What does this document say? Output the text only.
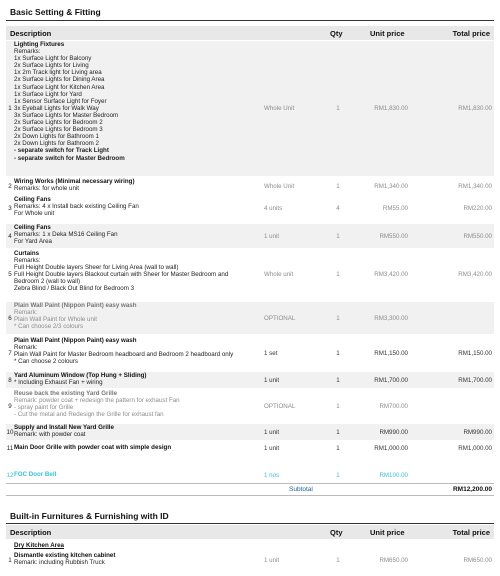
Basic Setting & Fitting
Description	Qty	Unit price	Total price
1
Lighting Fixtures
Remarks:
1x Surface Light for Balcony
2x Surface Lights for Living
1x 2m Track light for Living area
2x Surface Lights for Dining Area
1x Surface Light for Kitchen Area
1x Surface Light for Yard
1x Sensor Surface Light for Foyer
3x Eyeball Lights for Walk Way
3x Surface Lights for Master Bedroom
2x Surface Lights for Bedroom 2
2x Surface Lights for Bedroom 3
2x Down Lights for Bathroom 1
2x Down Lights for Bathroom 2
- separate switch for Track Light
- separate switch for Master Bedroom
Whole Unit	1	RM1,830.00	RM1,830.00
2
Wiring Works (Minimal necessary wiring)
Remarks: for whole unit	Whole Unit	1	RM1,340.00	RM1,340.00
3
Ceiling Fans
Remarks: 4 x Install back existing Ceiling Fan
For Whole unit
4 units	4	RM55.00	RM220.00
4
Ceiling Fans
Remarks: 1 x Deka MS16 Ceiling Fan
For Yard Area
1 unit	1	RM550.00	RM550.00
5
Curtains
Remarks:
Full Height Double layers Sheer for Living Area (wall to wall)
Full Height Double layers Blackout curtain with Sheer for Master Bedroom and
Bedroom 2 (wall to wall)
Zebra Blind / Black Out Blind for Bedroom 3
Whole unit	1	RM3,420.00	RM3,420.00
6
Plain Wall Paint (Nippon Paint) easy wash
Remark:
Plain Wall Paint for Whole unit
* Can choose 2/3 colours
OPTIONAL	1	RM3,300.00
7
Plain Wall Paint (Nippon Paint) easy wash
Remark:
Plain Wall Paint for Master Bedroom headboard and Bedroom 2 headboard only
* Can choose 2 colours
1 set	1	RM1,150.00	RM1,150.00
8
Yard Aluminum Window (Top Hung + Sliding)
* Including Exhaust Fan + wiring	1 unit	1	RM1,700.00	RM1,700.00
9
Reuse back the existing Yard Grille
Remark: powder coat + redesign the pattern for exhaust Fan
- spray paint for Grille
- Cut the metal and Redesign the Grille for exhaust fan
OPTIONAL	1	RM700.00
10
Supply and Install New Yard Grille
Remark: with powder coat	1 unit	1	RM990.00	RM990.00
11 Main Door Grille with powder coat with simple design	1 unit	1	RM1,000.00	RM1,000.00
12 FOC Door Bell	1 nos	1	RM100.00
Subtotal	RM12,200.00
Built-in Furnitures & Furnishing with ID
Description	Qty	Unit price	Total price
Dry Kitchen Area
1
Dismantle existing kitchen cabinet
Remark: including Rubbish Truck	1 unit	1	RM650.00	RM650.00
